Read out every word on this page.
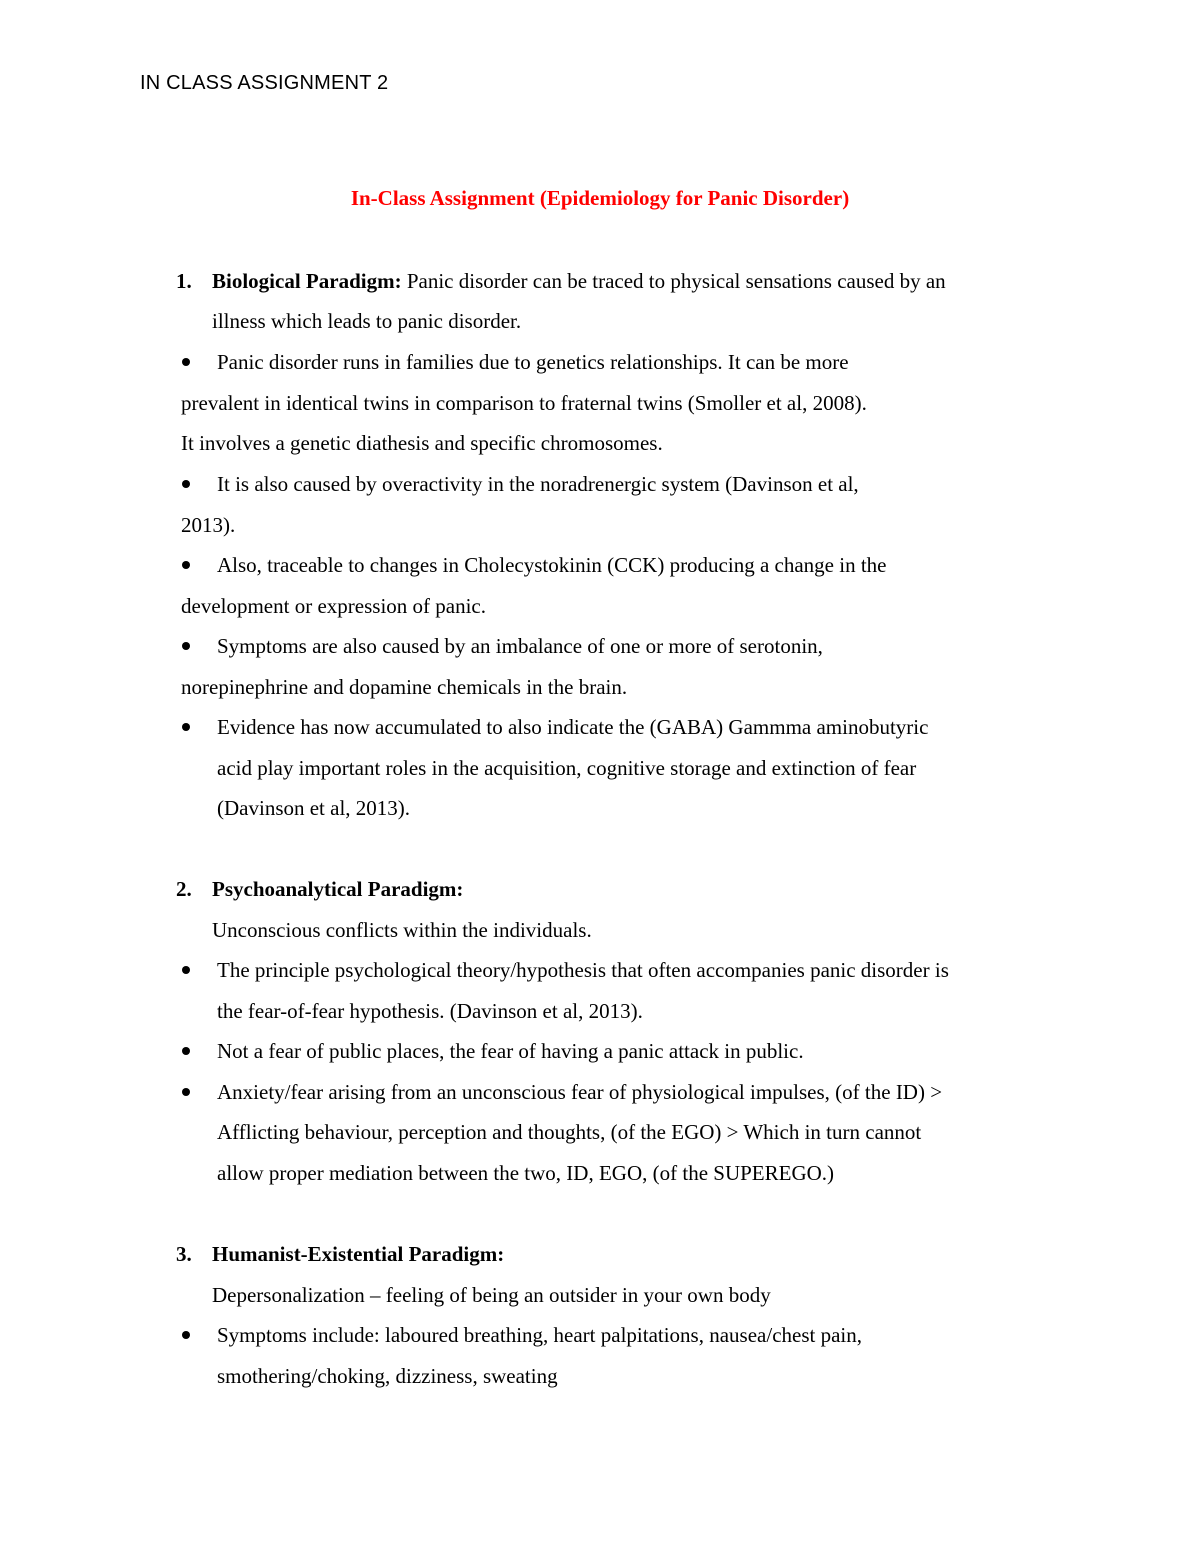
IN CLASS ASSIGNMENT 2
In-Class Assignment (Epidemiology for Panic Disorder)
1. Biological Paradigm: Panic disorder can be traced to physical sensations caused by an
illness which leads to panic disorder.
Panic disorder runs in families due to genetics relationships. It can be more
prevalent in identical twins in comparison to fraternal twins (Smoller et al, 2008).
It involves a genetic diathesis and specific chromosomes.
It is also caused by overactivity in the noradrenergic system (Davinson et al,
2013).
Also, traceable to changes in Cholecystokinin (CCK) producing a change in the
development or expression of panic.
Symptoms are also caused by an imbalance of one or more of serotonin,
norepinephrine and dopamine chemicals in the brain.
Evidence has now accumulated to also indicate the (GABA) Gammma aminobutyric
acid play important roles in the acquisition, cognitive storage and extinction of fear
(Davinson et al, 2013).
2. Psychoanalytical Paradigm:
Unconscious conflicts within the individuals.
The principle psychological theory/hypothesis that often accompanies panic disorder is
the fear-of-fear hypothesis. (Davinson et al, 2013).
Not a fear of public places, the fear of having a panic attack in public.
Anxiety/fear arising from an unconscious fear of physiological impulses, (of the ID) >
Afflicting behaviour, perception and thoughts, (of the EGO) > Which in turn cannot
allow proper mediation between the two, ID, EGO, (of the SUPEREGO.)
3. Humanist-Existential Paradigm:
Depersonalization – feeling of being an outsider in your own body
Symptoms include: laboured breathing, heart palpitations, nausea/chest pain,
smothering/choking, dizziness, sweating
